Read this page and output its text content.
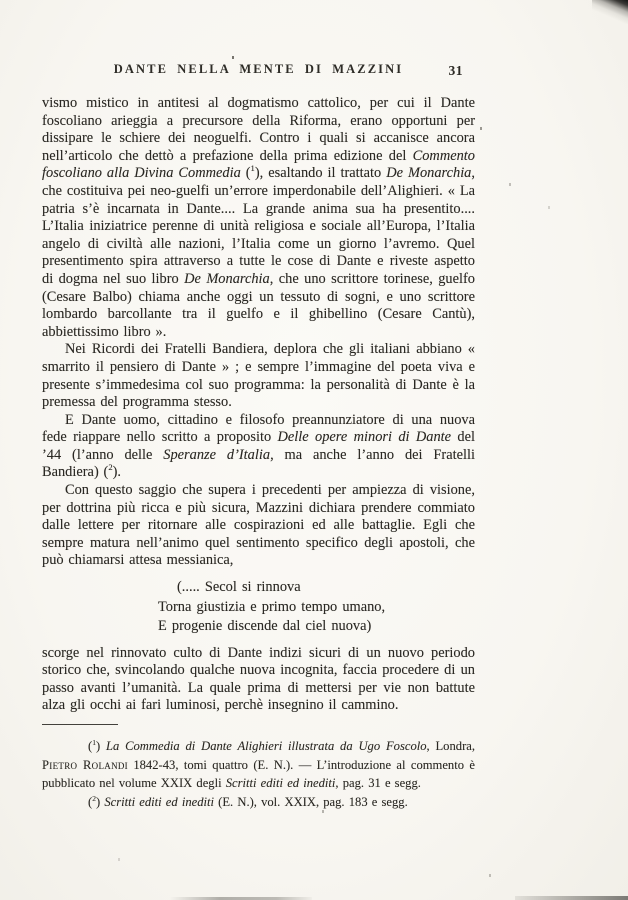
DANTE NELLA MENTE DI MAZZINI	31

vismo mistico in antitesi al dogmatismo cattolico, per cui il Dante foscoliano arieggia a precursore della Riforma, erano opportuni per dissipare le schiere dei neoguelfi. Contro i quali si accanisce ancora nell’articolo che dettò a prefazione della prima edizione del Commento foscoliano alla Divina Commedia ($^1$), esaltando il trattato De Monarchia, che costituiva pei neo-guelfi un’errore imperdonabile dell’Alighieri. « La patria s’è incarnata in Dante.... La grande anima sua ha presentito.... L’Italia iniziatrice perenne di unità religiosa e sociale all’Europa, l’Italia angelo di civiltà alle nazioni, l’Italia come un giorno l’avremo. Quel presentimento spira attraverso a tutte le cose di Dante e riveste aspetto di dogma nel suo libro De Monarchia, che uno scrittore torinese, guelfo (Cesare Balbo) chiama anche oggi un tessuto di sogni, e uno scrittore lombardo barcollante tra il guelfo e il ghibellino (Cesare Cantù), abbiettissimo libro ».

Nei Ricordi dei Fratelli Bandiera, deplora che gli italiani abbiano « smarrito il pensiero di Dante » ; e sempre l’immagine del poeta viva e presente s’immedesima col suo programma: la personalità di Dante è la premessa del programma stesso.

E Dante uomo, cittadino e filosofo preannunziatore di una nuova fede riappare nello scritto a proposito Delle opere minori di Dante del ’44 (l’anno delle Speranze d’Italia, ma anche l’anno dei Fratelli Bandiera) ($^2$).

Con questo saggio che supera i precedenti per ampiezza di visione, per dottrina più ricca e più sicura, Mazzini dichiara prendere commiato dalle lettere per ritornare alle cospirazioni ed alle battaglie. Egli che sempre matura nell’animo quel sentimento specifico degli apostoli, che può chiamarsi attesa messianica,

(..... Secol si rinnova
Torna giustizia e primo tempo umano,
E progenie discende dal ciel nuova)

scorge nel rinnovato culto di Dante indizi sicuri di un nuovo periodo storico che, svincolando qualche nuova incognita, faccia procedere di un passo avanti l’umanità. La quale prima di mettersi per vie non battute alza gli occhi ai fari luminosi, perchè insegnino il cammino.

($^1$) La Commedia di Dante Alighieri illustrata da Ugo Foscolo, Londra, Pietro Rolandi 1842-43, tomi quattro (E. N.). — L’introduzione al commento è pubblicato nel volume XXIX degli Scritti editi ed inediti, pag. 31 e segg.

($^2$) Scritti editi ed inediti (E. N.), vol. XXIX, pag. 183 e segg.
